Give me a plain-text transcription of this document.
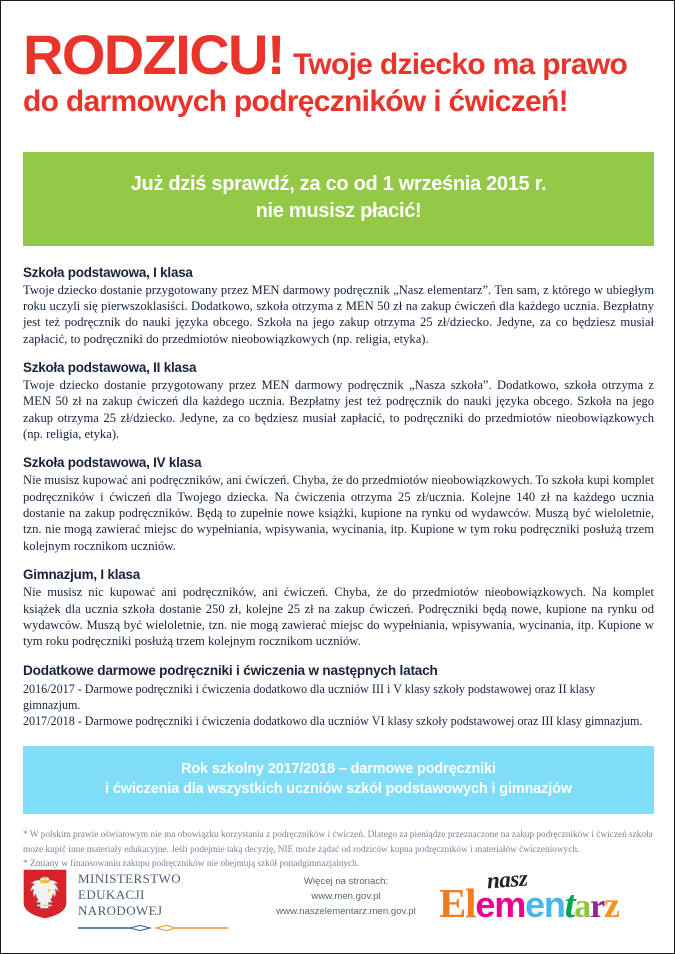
RODZICU! Twoje dziecko ma prawo
do darmowych podręczników i ćwiczeń!
Już dziś sprawdź, za co od 1 września 2015 r.
nie musisz płacić!
Szkoła podstawowa, I klasa
Twoje dziecko dostanie przygotowany przez MEN darmowy podręcznik „Nasz elementarz”. Ten sam, z którego w ubiegłym roku uczyli się pierwszoklasiści. Dodatkowo, szkoła otrzyma z MEN 50 zł na zakup ćwiczeń dla każdego ucznia. Bezpłatny jest też podręcznik do nauki języka obcego. Szkoła na jego zakup otrzyma 25 zł/dziecko. Jedyne, za co będziesz musiał zapłacić, to podręczniki do przedmiotów nieobowiązkowych (np. religia, etyka).
Szkoła podstawowa, II klasa
Twoje dziecko dostanie przygotowany przez MEN darmowy podręcznik „Nasza szkoła”. Dodatkowo, szkoła otrzyma z MEN 50 zł na zakup ćwiczeń dla każdego ucznia. Bezpłatny jest też podręcznik do nauki języka obcego. Szkoła na jego zakup otrzyma 25 zł/dziecko. Jedyne, za co będziesz musiał zapłacić, to podręczniki do przedmiotów nieobowiązkowych (np. religia, etyka).
Szkoła podstawowa, IV klasa
Nie musisz kupować ani podręczników, ani ćwiczeń. Chyba, że do przedmiotów nieobowiązkowych. To szkoła kupi komplet podręczników i ćwiczeń dla Twojego dziecka. Na ćwiczenia otrzyma 25 zł/ucznia. Kolejne 140 zł na każdego ucznia dostanie na zakup podręczników. Będą to zupełnie nowe książki, kupione na rynku od wydawców. Muszą być wieloletnie, tzn. nie mogą zawierać miejsc do wypełniania, wpisywania, wycinania, itp. Kupione w tym roku podręczniki posłużą trzem kolejnym rocznikom uczniów.
Gimnazjum, I klasa
Nie musisz nic kupować ani podręczników, ani ćwiczeń. Chyba, że do przedmiotów nieobowiązkowych. Na komplet książek dla ucznia szkoła dostanie 250 zł, kolejne 25 zł na zakup ćwiczeń. Podręczniki będą nowe, kupione na rynku od wydawców. Muszą być wieloletnie, tzn. nie mogą zawierać miejsc do wypełniania, wpisywania, wycinania, itp. Kupione w tym roku podręczniki posłużą trzem kolejnym rocznikom uczniów.
Dodatkowe darmowe podręczniki i ćwiczenia w następnych latach
2016/2017 - Darmowe podręczniki i ćwiczenia dodatkowo dla uczniów III i V klasy szkoły podstawowej oraz II klasy gimnazjum.
2017/2018 - Darmowe podręczniki i ćwiczenia dodatkowo dla uczniów VI klasy szkoły podstawowej oraz III klasy gimnazjum.
Rok szkolny 2017/2018 – darmowe podręczniki
i ćwiczenia dla wszystkich uczniów szkół podstawowych i gimnazjów

* W polskim prawie oświatowym nie ma obowiązku korzystania z podręczników i ćwiczeń. Dlatego za pieniądze przeznaczone na zakup podręczników i ćwiczeń szkoła może kupić inne materiały edukacyjne. Jeśli podejmie taką decyzję, NIE może żądać od rodziców kupna podręczników i materiałów ćwiczeniowych.

* Zmiany w finansowaniu zakupu podręczników nie obejmują szkół ponadgimnazjalnych.

MINISTERSTWO
EDUKACJI
NARODOWEJ
Więcej na stronach:
www.men.gov.pl
www.naszelementarz.men.gov.pl
nasz
Elementarz
